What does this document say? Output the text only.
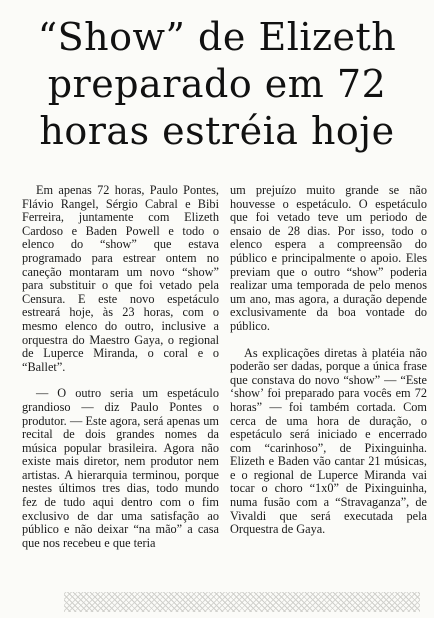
“Show” de Elizeth
preparado em 72
horas estréia hoje

Em apenas 72 horas, Paulo Pontes, Flávio Rangel, Sérgio Cabral e Bibi Ferreira, juntamente com Elizeth Cardoso e Baden Powell e todo o elenco do “show” que estava programado para estrear ontem no caneção montaram um novo “show” para substituir o que foi vetado pela Censura. E este novo espetáculo estreará hoje, às 23 horas, com o mesmo elenco do outro, inclusive a orquestra do Maestro Gaya, o regional de Luperce Miranda, o coral e o “Ballet”.

— O outro seria um espetáculo grandioso — diz Paulo Pontes o produtor. — Este agora, será apenas um recital de dois grandes nomes da música popular brasileira. Agora não existe mais diretor, nem produtor nem artistas. A hierarquia terminou, porque nestes últimos tres dias, todo mundo fez de tudo aqui dentro com o fim exclusivo de dar uma satisfação ao público e não deixar “na mão” a casa que nos recebeu e que teria

um prejuízo muito grande se não houvesse o espetáculo. O espetáculo que foi vetado teve um periodo de ensaio de 28 dias. Por isso, todo o elenco espera a compreensão do público e principalmente o apoio. Eles previam que o outro “show” poderia realizar uma temporada de pelo menos um ano, mas agora, a duração depende exclusivamente da boa vontade do público.

As explicações diretas à platéia não poderão ser dadas, porque a única frase que constava do novo “show” — “Este ‘show’ foi preparado para vocês em 72 horas” — foi também cortada. Com cerca de uma hora de duração, o espetáculo será iniciado e encerrado com “carinhoso”, de Pixinguinha. Elizeth e Baden vão cantar 21 músicas, e o regional de Luperce Miranda vai tocar o choro “1x0” de Pixinguinha, numa fusão com a “Stravaganza”, de Vivaldi que será executada pela Orquestra de Gaya.
